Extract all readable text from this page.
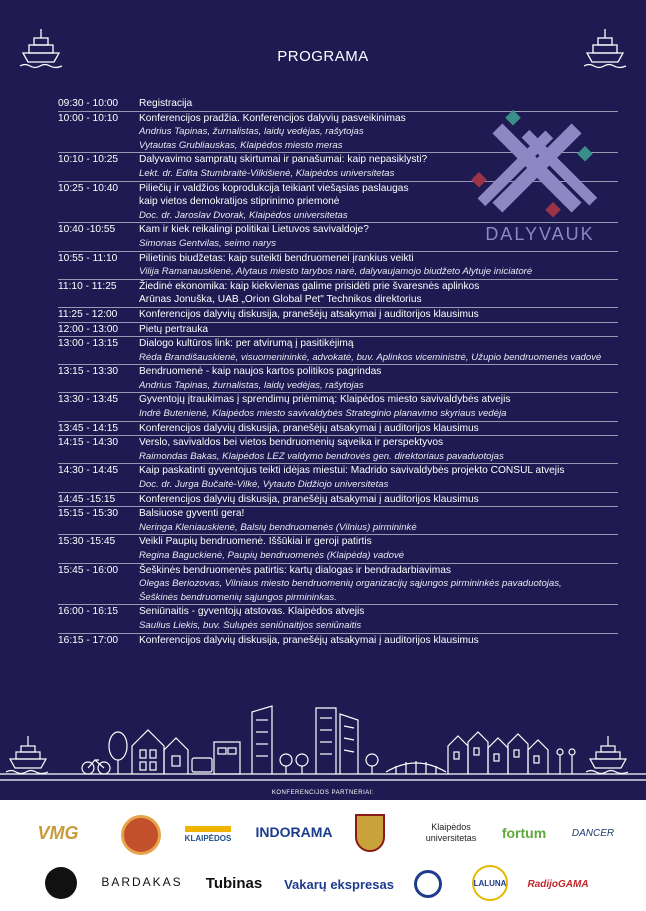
PROGRAMA
09:30 - 10:00	Registracija
10:00 - 10:10	Konferencijos pradžia. Konferencijos dalyvių pasveikinimas
Andrius Tapinas, žurnalistas, laidų vedėjas, rašytojas
Vytautas Grubliauskas, Klaipėdos miesto meras
10:10 - 10:25	Dalyvavimo sampratų skirtumai ir panašumai: kaip nepasiklysti?
Lekt. dr. Edita Stumbraitė-Vilkišienė, Klaipėdos universitetas
10:25 - 10:40	Piliečių ir valdžios koprodukcija teikiant viešąsias paslaugas
kaip vietos demokratijos stiprinimo priemonė
Doc. dr. Jaroslav Dvorak, Klaipėdos universitetas
10:40 -10:55	Kam ir kiek reikalingi politikai Lietuvos savivaldoje?
Simonas Gentvilas, seimo narys
10:55 - 11:10	Pilietinis biudžetas: kaip suteikti bendruomenei įrankius veikti
Vilija Ramanauskienė, Alytaus miesto tarybos narė, dalyvaujamojo biudžeto Alytuje iniciatorė
11:10 - 11:25	Žiedinė ekonomika: kaip kiekvienas galime prisidėti prie švaresnės aplinkos
Arūnas Jonuška, UAB „Orion Global Pet" Technikos direktorius
11:25 - 12:00	Konferencijos dalyvių diskusija, pranešėjų atsakymai į auditorijos klausimus
12:00 - 13:00	Pietų pertrauka
13:00 - 13:15	Dialogo kultūros link: per atvirumą į pasitikėjimą
Rėda Brandišauskienė, visuomenininkė, advokatė, buv. Aplinkos viceministrė, Užupio bendruomenės vadovė
13:15 - 13:30	Bendruomenė - kaip naujos kartos politikos pagrindas
Andrius Tapinas, žurnalistas, laidų vedėjas, rašytojas
13:30 - 13:45	Gyventojų įtraukimas į sprendimų priėmimą: Klaipėdos miesto savivaldybės atvejis
Indrė Butenienė, Klaipėdos miesto savivaldybės Strateginio planavimo skyriaus vedėja
13:45 - 14:15	Konferencijos dalyvių diskusija, pranešėjų atsakymai į auditorijos klausimus
14:15 - 14:30	Verslo, savivaldos bei vietos bendruomenių sąveika ir perspektyvos
Raimondas Bakas, Klaipėdos LEZ valdymo bendrovės gen. direktoriaus pavaduotojas
14:30 - 14:45	Kaip paskatinti gyventojus teikti idėjas miestui: Madrido savivaldybės projekto CONSUL atvejis
Doc. dr. Jurga Bučaitė-Vilkė, Vytauto Didžiojo universitetas
14:45 -15:15	Konferencijos dalyvių diskusija, pranešėjų atsakymai į auditorijos klausimus
15:15 - 15:30	Balsiuose gyventi gera!
Neringa Kleniauskienė, Balsių bendruomenės (Vilnius) pirmininkė
15:30 -15:45	Veikli Paupių bendruomenė. Iššūkiai ir geroji patirtis
Regina Baguckienė, Paupių bendruomenės (Klaipėda) vadovė
15:45 - 16:00	Šeškinės bendruomenės patirtis: kartų dialogas ir bendradarbiavimas
Olegas Beriozovas, Vilniaus miesto bendruomenių organizacijų sąjungos pirmininkės pavaduotojas,
Šeškinės bendruomenių sąjungos pirmininkas.
16:00 - 16:15	Seniūnaitis - gyventojų atstovas. Klaipėdos atvejis
Saulius Liekis, buv. Sulupės seniūnaitijos seniūnaitis
16:15 - 17:00	Konferencijos dalyvių diskusija, pranešėjų atsakymai į auditorijos klausimus
DALYVAUK
KONFERENCIJOS PARTNERIAI:
VMG	KLAIPĖDOS INDORAMA	Klaipėdos universitetas	fortum	DANCER
BARDAKAS Tubinas Vakarų ekspresas	LALUNA RadijoGAMA
